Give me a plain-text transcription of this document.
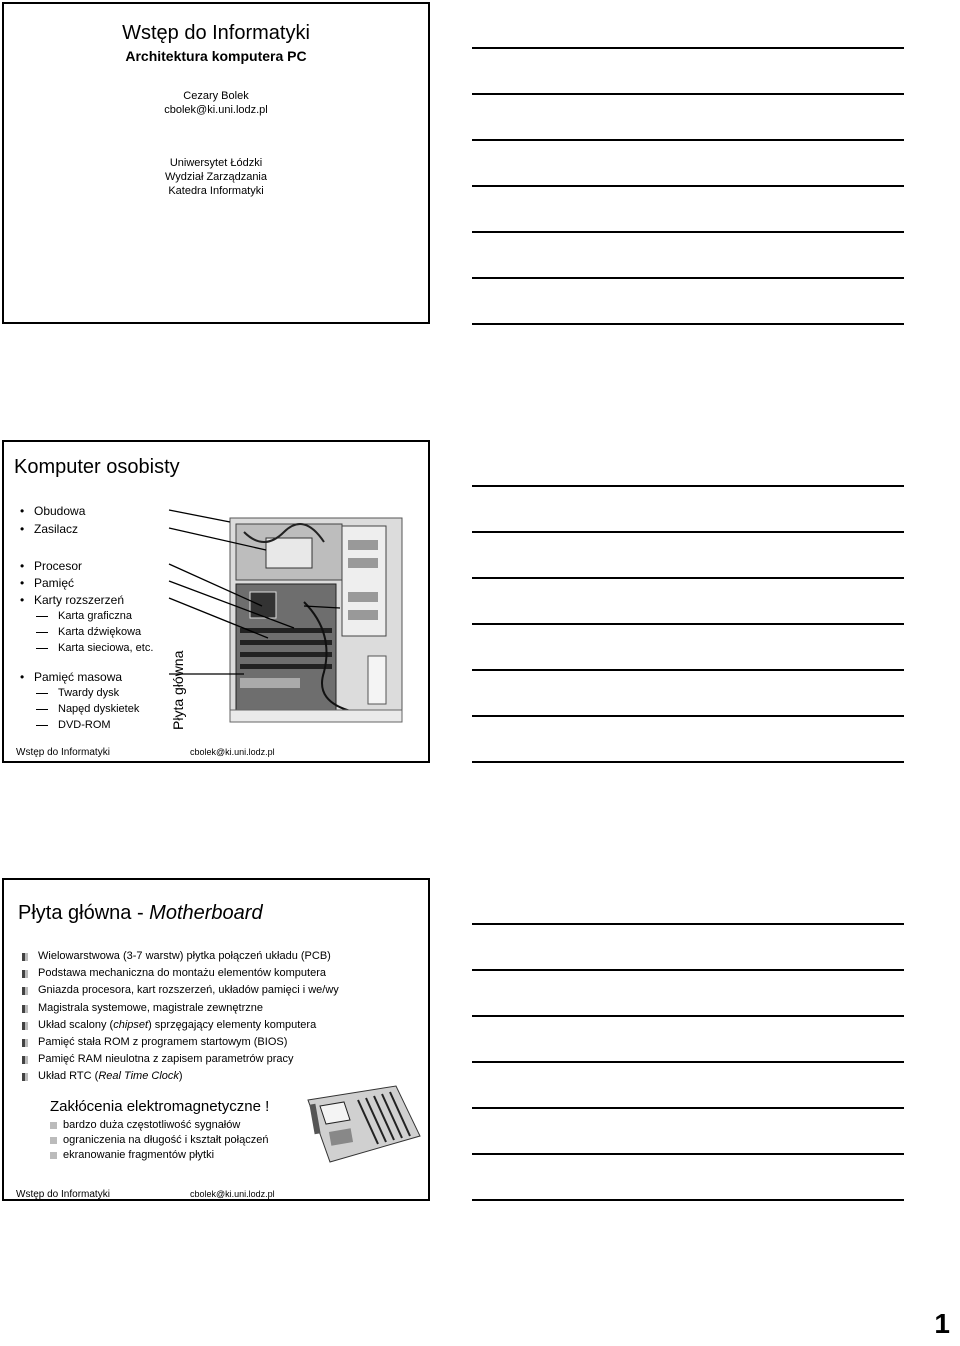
Wstęp do Informatyki
Architektura komputera PC
Cezary Bolek
cbolek@ki.uni.lodz.pl
Uniwersytet Łódzki
Wydział Zarządzania
Katedra Informatyki
Komputer osobisty
• Obudowa
• Zasilacz
• Procesor
• Pamięć
• Karty rozszerzeń
Karta graficzna
Karta dźwiękowa
Karta sieciowa, etc.
• Pamięć masowa
Twardy dysk
Napęd dyskietek
DVD-ROM	Płyta główna
Wstęp do Informatyki	cbolek@ki.uni.lodz.pl
Płyta główna - Motherboard
Wielowarstwowa (3-7 warstw) płytka połączeń układu (PCB)
Podstawa mechaniczna do montażu elementów komputera
Gniazda procesora, kart rozszerzeń, układów pamięci i we/wy
Magistrala systemowe, magistrale zewnętrzne
Układ scalony (chipset) sprzęgający elementy komputera
Pamięć stała ROM z programem startowym (BIOS)
Pamięć RAM nieulotna z zapisem parametrów pracy
Układ RTC (Real Time Clock)
Zakłócenia elektromagnetyczne !
bardzo duża częstotliwość sygnałów
ograniczenia na długość i kształt połączeń
ekranowanie fragmentów płytki
Wstęp do Informatyki	cbolek@ki.uni.lodz.pl
1
